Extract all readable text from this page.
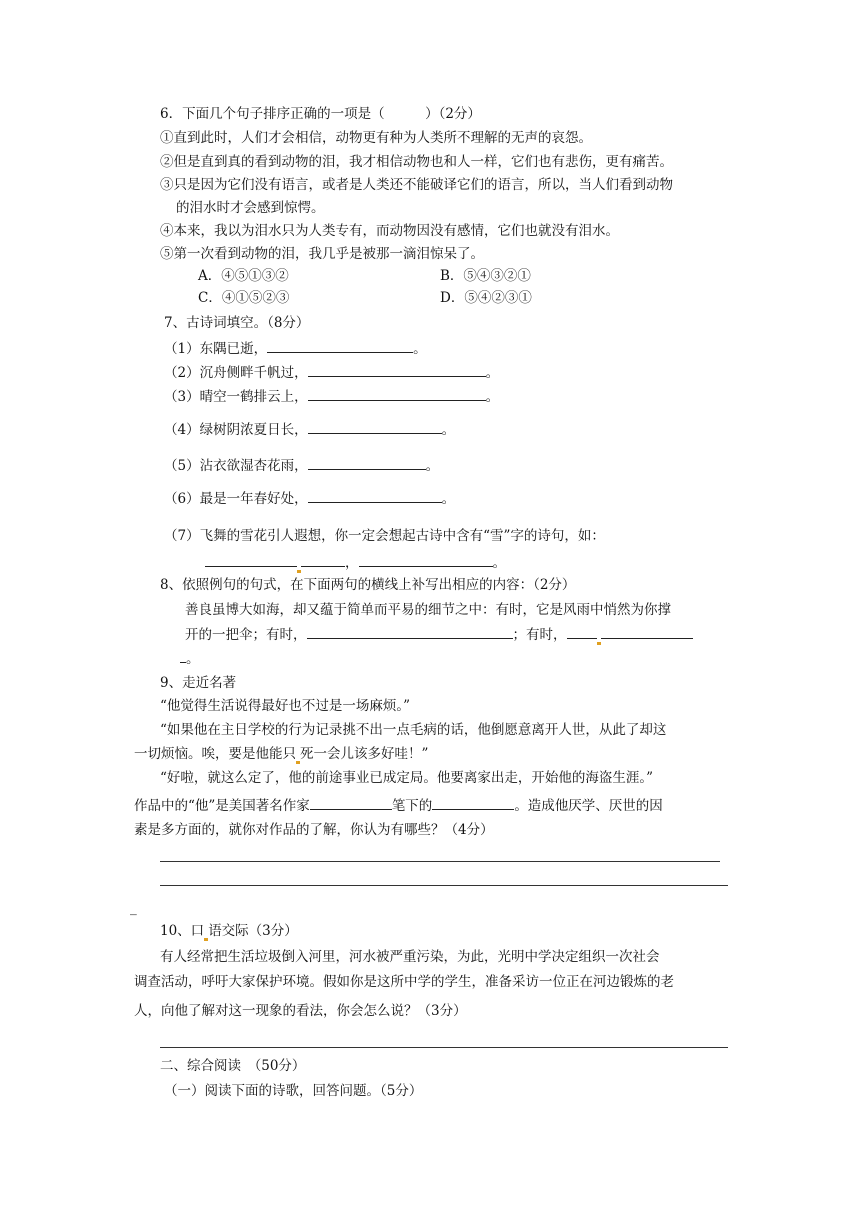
6．下面几个句子排序正确的一项是（　　　）（2分）
①直到此时，人们才会相信，动物更有种为人类所不理解的无声的哀怨。
②但是直到真的看到动物的泪，我才相信动物也和人一样，它们也有悲伤，更有痛苦。
③只是因为它们没有语言，或者是人类还不能破译它们的语言，所以，当人们看到动物
的泪水时才会感到惊愕。
④本来，我以为泪水只为人类专有，而动物因没有感情，它们也就没有泪水。
⑤第一次看到动物的泪，我几乎是被那一滴泪惊呆了。
A．④⑤①③②	B．⑤④③②①
C．④①⑤②③	D．⑤④②③①
7、古诗词填空。（8分）
（1）东隅已逝，	。
（2）沉舟侧畔千帆过，	。
（3）晴空一鹤排云上，	。
（4）绿树阴浓夏日长，	。
（5）沾衣欲湿杏花雨，	。
（6）最是一年春好处，	。
（7）飞舞的雪花引人遐想，你一定会想起古诗中含有“雪”字的诗句，如：
，	。
8、依照例句的句式，在下面两句的横线上补写出相应的内容：（2分）
善良虽博大如海，却又蕴于简单而平易的细节之中：有时，它是风雨中悄然为你撑
开的一把伞；有时，	；有时，
。
9、走近名著
“他觉得生活说得最好也不过是一场麻烦。”
“如果他在主日学校的行为记录挑不出一点毛病的话，他倒愿意离开人世，从此了却这
一切烦恼。唉，要是他能只 死一会儿该多好哇！”
“好啦，就这么定了，他的前途事业已成定局。他要离家出走，开始他的海盗生涯。”
作品中的“他”是美国著名作家	笔下的	。造成他厌学、厌世的因
素是多方面的，就你对作品的了解，你认为有哪些？（4分）
_
10、口 语交际（3分）
有人经常把生活垃圾倒入河里，河水被严重污染，为此，光明中学决定组织一次社会
调查活动，呼吁大家保护环境。假如你是这所中学的学生，准备采访一位正在河边锻炼的老
人，向他了解对这一现象的看法，你会怎么说？（3分）
二、综合阅读　（50分）
（一）阅读下面的诗歌，回答问题。（5分）
